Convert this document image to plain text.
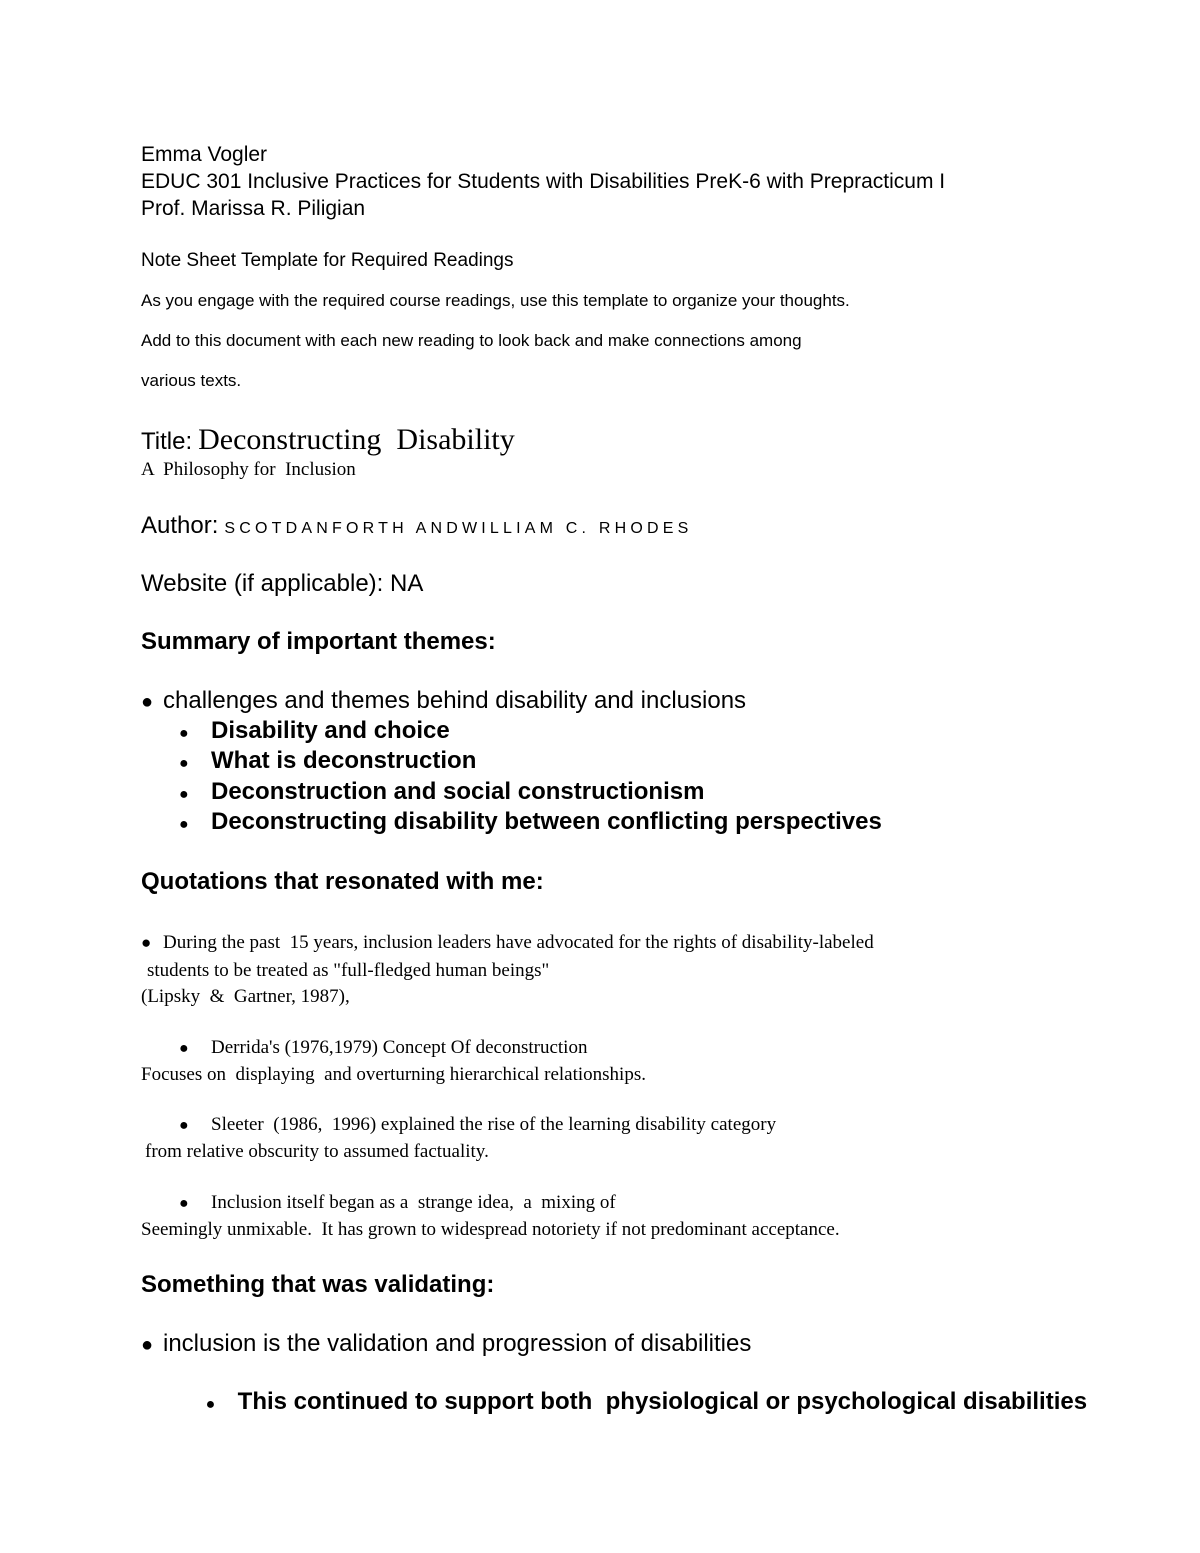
Emma Vogler
EDUC 301 Inclusive Practices for Students with Disabilities PreK-6 with Prepracticum I
Prof. Marissa R. Piligian
Note Sheet Template for Required Readings
As you engage with the required course readings, use this template to organize your thoughts.
Add to this document with each new reading to look back and make connections among
various texts.
Title: Deconstructing  Disability
A  Philosophy for  Inclusion
Author: SCOTDANFORTH ANDWILLIAM C. RHODES
Website (if applicable): NA
Summary of important themes:
● challenges and themes behind disability and inclusions
● Disability and choice
● What is deconstruction
● Deconstruction and social constructionism
● Deconstructing disability between conflicting perspectives
Quotations that resonated with me:
● During the past  15 years, inclusion leaders have advocated for the rights of disability-labeled
students to be treated as "full-fledged human beings"
(Lipsky  &  Gartner, 1987),
● Derrida's (1976,1979) Concept Of deconstruction
Focuses on  displaying  and overturning hierarchical relationships.
● Sleeter  (1986,  1996) explained the rise of the learning disability category
from relative obscurity to assumed factuality.
● Inclusion itself began as a  strange idea,  a  mixing of
Seemingly unmixable.  It has grown to widespread notoriety if not predominant acceptance.
Something that was validating:
● inclusion is the validation and progression of disabilities

● This continued to support both  physiological or psychological disabilities
